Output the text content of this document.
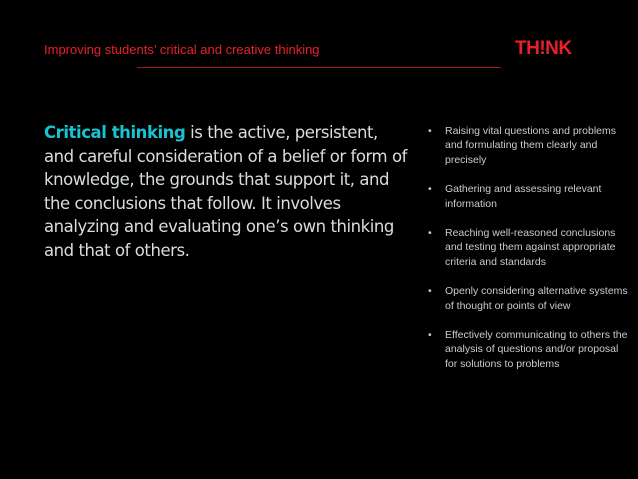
Improving students’ critical and creative thinking	TH!NK

Critical thinking is the active, persistent, and careful consideration of a belief or form of knowledge, the grounds that support it, and the conclusions that follow. It involves analyzing and evaluating one’s own thinking and that of others.

• Raising vital questions and problems and formulating them clearly and precisely
• Gathering and assessing relevant information
• Reaching well-reasoned conclusions and testing them against appropriate criteria and standards
• Openly considering alternative systems of thought or points of view
• Effectively communicating to others the analysis of questions and/or proposal for solutions to problems
